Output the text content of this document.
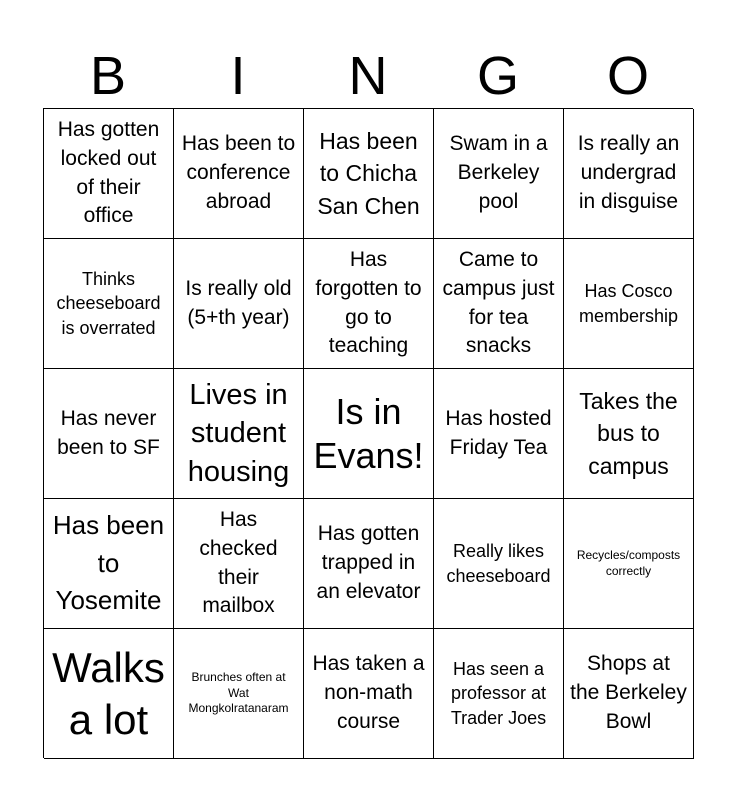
B	I	N	G	O
Has gotten locked out of their office
Has been to conference abroad
Has been to Chicha San Chen
Swam in a Berkeley pool
Is really an undergrad in disguise
Thinks cheeseboard is overrated
Is really old (5+th year)
Has forgotten to go to teaching
Came to campus just for tea snacks
Has Cosco membership
Has never been to SF
Lives in student housing
Is in Evans!
Has hosted Friday Tea
Takes the bus to campus
Has been to Yosemite
Has checked their mailbox
Has gotten trapped in an elevator
Really likes cheeseboard
Recycles/composts correctly
Walks a lot
Brunches often at Wat Mongkolratanaram
Has taken a non-math course
Has seen a professor at Trader Joes
Shops at the Berkeley Bowl
